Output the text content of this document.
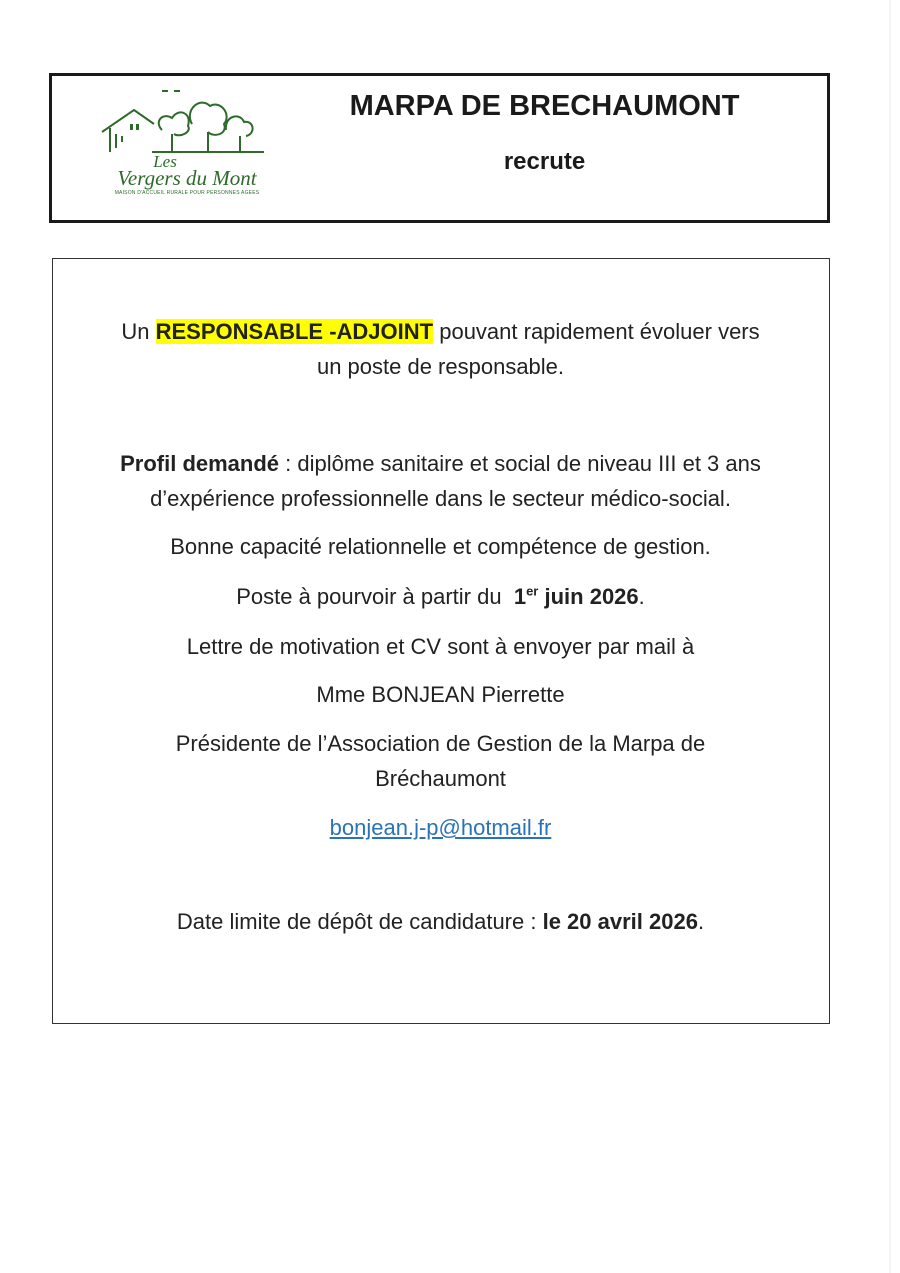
Les
Vergers du Mont
MAISON D'ACCUEIL RURALE POUR PERSONNES AGEES
MARPA DE BRECHAUMONT
recrute
Un RESPONSABLE -ADJOINT pouvant rapidement évoluer vers
un poste de responsable.
Profil demandé : diplôme sanitaire et social de niveau III et 3 ans
d’expérience professionnelle dans le secteur médico-social.
Bonne capacité relationnelle et compétence de gestion.
Poste à pourvoir à partir du 1er juin 2026.
Lettre de motivation et CV sont à envoyer par mail à
Mme BONJEAN Pierrette
Présidente de l’Association de Gestion de la Marpa de
Bréchaumont
bonjean.j-p@hotmail.fr
Date limite de dépôt de candidature : le 20 avril 2026.
